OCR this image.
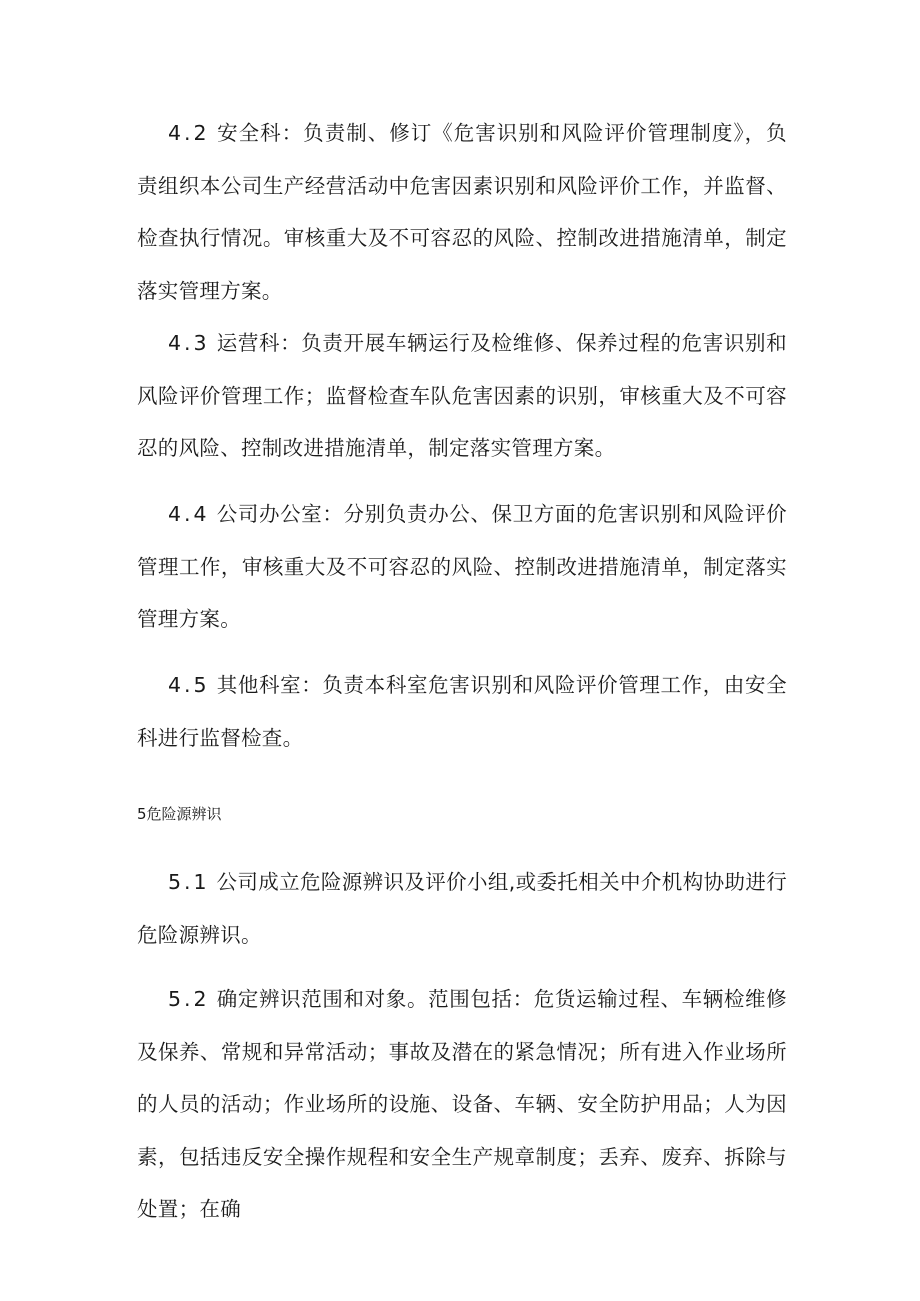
4.2 安全科：负责制、修订《危害识别和风险评价管理制度》，负责组织本公司生产经营活动中危害因素识别和风险评价工作，并监督、检查执行情况。审核重大及不可容忍的风险、控制改进措施清单，制定落实管理方案。

4.3 运营科：负责开展车辆运行及检维修、保养过程的危害识别和风险评价管理工作；监督检查车队危害因素的识别，审核重大及不可容忍的风险、控制改进措施清单，制定落实管理方案。

4.4 公司办公室：分别负责办公、保卫方面的危害识别和风险评价管理工作，审核重大及不可容忍的风险、控制改进措施清单，制定落实管理方案。

4.5 其他科室：负责本科室危害识别和风险评价管理工作，由安全科进行监督检查。

5危险源辨识

5.1 公司成立危险源辨识及评价小组,或委托相关中介机构协助进行危险源辨识。

5.2 确定辨识范围和对象。范围包括：危货运输过程、车辆检维修及保养、常规和异常活动；事故及潜在的紧急情况；所有进入作业场所的人员的活动；作业场所的设施、设备、车辆、安全防护用品；人为因素，包括违反安全操作规程和安全生产规章制度；丢弃、废弃、拆除与处置；在确
